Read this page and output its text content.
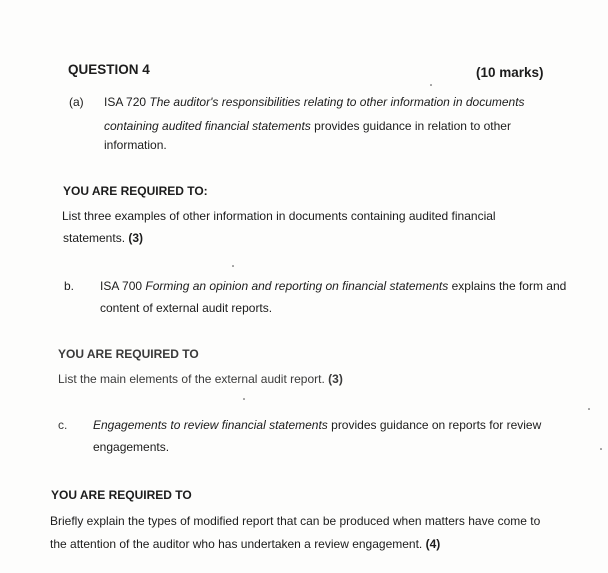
QUESTION 4	(10 marks)
(a) ISA 720 The auditor's responsibilities relating to other information in documents
containing audited financial statements provides guidance in relation to other
information.
YOU ARE REQUIRED TO:
List three examples of other information in documents containing audited financial
statements. (3)
b. ISA 700 Forming an opinion and reporting on financial statements explains the form and
content of external audit reports.
YOU ARE REQUIRED TO
List the main elements of the external audit report. (3)
c. Engagements to review financial statements provides guidance on reports for review
engagements.
YOU ARE REQUIRED TO
Briefly explain the types of modified report that can be produced when matters have come to
the attention of the auditor who has undertaken a review engagement. (4)
